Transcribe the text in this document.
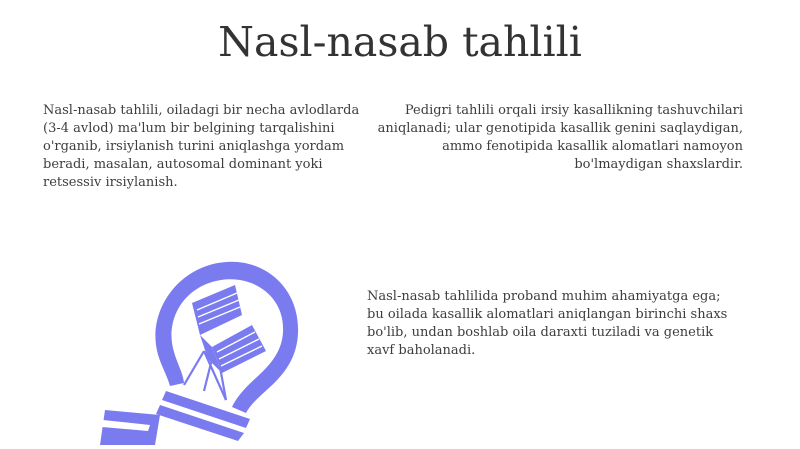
Nasl-nasab tahlili

Nasl-nasab tahlili, oiladagi bir necha avlodlarda (3-4 avlod) ma'lum bir belgining tarqalishini o'rganib, irsiylanish turini aniqlashga yordam beradi, masalan, autosomal dominant yoki retsessiv irsiylanish.

Pedigri tahlili orqali irsiy kasallikning tashuvchilari aniqlanadi; ular genotipida kasallik genini saqlaydigan, ammo fenotipida kasallik alomatlari namoyon bo'lmaydigan shaxslardir.

Nasl-nasab tahlilida proband muhim ahamiyatga ega; bu oilada kasallik alomatlari aniqlangan birinchi shaxs bo'lib, undan boshlab oila daraxti tuziladi va genetik xavf baholanadi.
